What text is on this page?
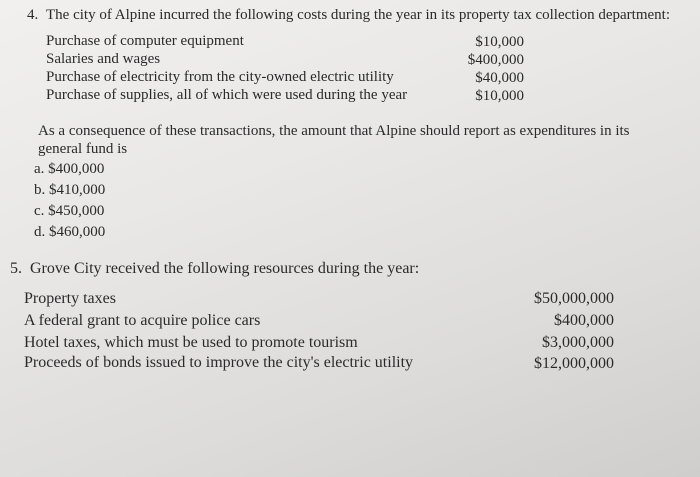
4. The city of Alpine incurred the following costs during the year in its property tax collection department:
Purchase of computer equipment	$10,000
Salaries and wages	$400,000
Purchase of electricity from the city-owned electric utility	$40,000
Purchase of supplies, all of which were used during the year	$10,000
As a consequence of these transactions, the amount that Alpine should report as expenditures in its
general fund is
a. $400,000
b. $410,000
c. $450,000
d. $460,000
5. Grove City received the following resources during the year:
Property taxes	$50,000,000
A federal grant to acquire police cars	$400,000
Hotel taxes, which must be used to promote tourism	$3,000,000
Proceeds of bonds issued to improve the city's electric utility	$12,000,000
